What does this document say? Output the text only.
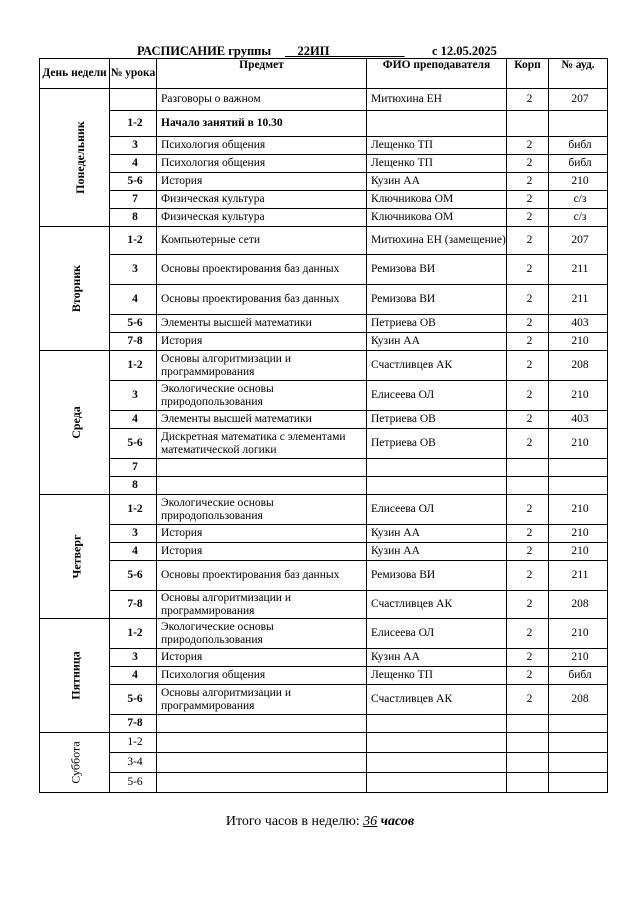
РАСПИСАНИЕ группы __22ИП____________ с 12.05.2025
День недели	№ урока	Предмет	ФИО преподавателя	Корп	№ ауд.
Понедельник		Разговоры о важном	Митюхина ЕН	2	207
	1-2	Начало занятий в 10.30			
	3	Психология общения	Лещенко ТП	2	библ
	4	Психология общения	Лещенко ТП	2	библ
	5-6	История	Кузин АА	2	210
	7	Физическая культура	Ключникова ОМ	2	с/з
	8	Физическая культура	Ключникова ОМ	2	с/з
Вторник	1-2	Компьютерные сети	Митюхина ЕН (замещение)	2	207
	3	Основы проектирования баз данных	Ремизова ВИ	2	211
	4	Основы проектирования баз данных	Ремизова ВИ	2	211
	5-6	Элементы высшей математики	Петриева ОВ	2	403
	7-8	История	Кузин АА	2	210
Среда	1-2	Основы алгоритмизации и программирования	Счастливцев АК	2	208
	3	Экологические основы природопользования	Елисеева ОЛ	2	210
	4	Элементы высшей математики	Петриева ОВ	2	403
	5-6	Дискретная математика с элементами математической логики	Петриева ОВ	2	210
	7				
	8				
Четверг	1-2	Экологические основы природопользования	Елисеева ОЛ	2	210
	3	История	Кузин АА	2	210
	4	История	Кузин АА	2	210
	5-6	Основы проектирования баз данных	Ремизова ВИ	2	211
	7-8	Основы алгоритмизации и программирования	Счастливцев АК	2	208
Пятница	1-2	Экологические основы природопользования	Елисеева ОЛ	2	210
	3	История	Кузин АА	2	210
	4	Психология общения	Лещенко ТП	2	библ
	5-6	Основы алгоритмизации и программирования	Счастливцев АК	2	208
	7-8				
Суббота	1-2				
	3-4				
	5-6				
Итого часов в неделю: 36 часов
